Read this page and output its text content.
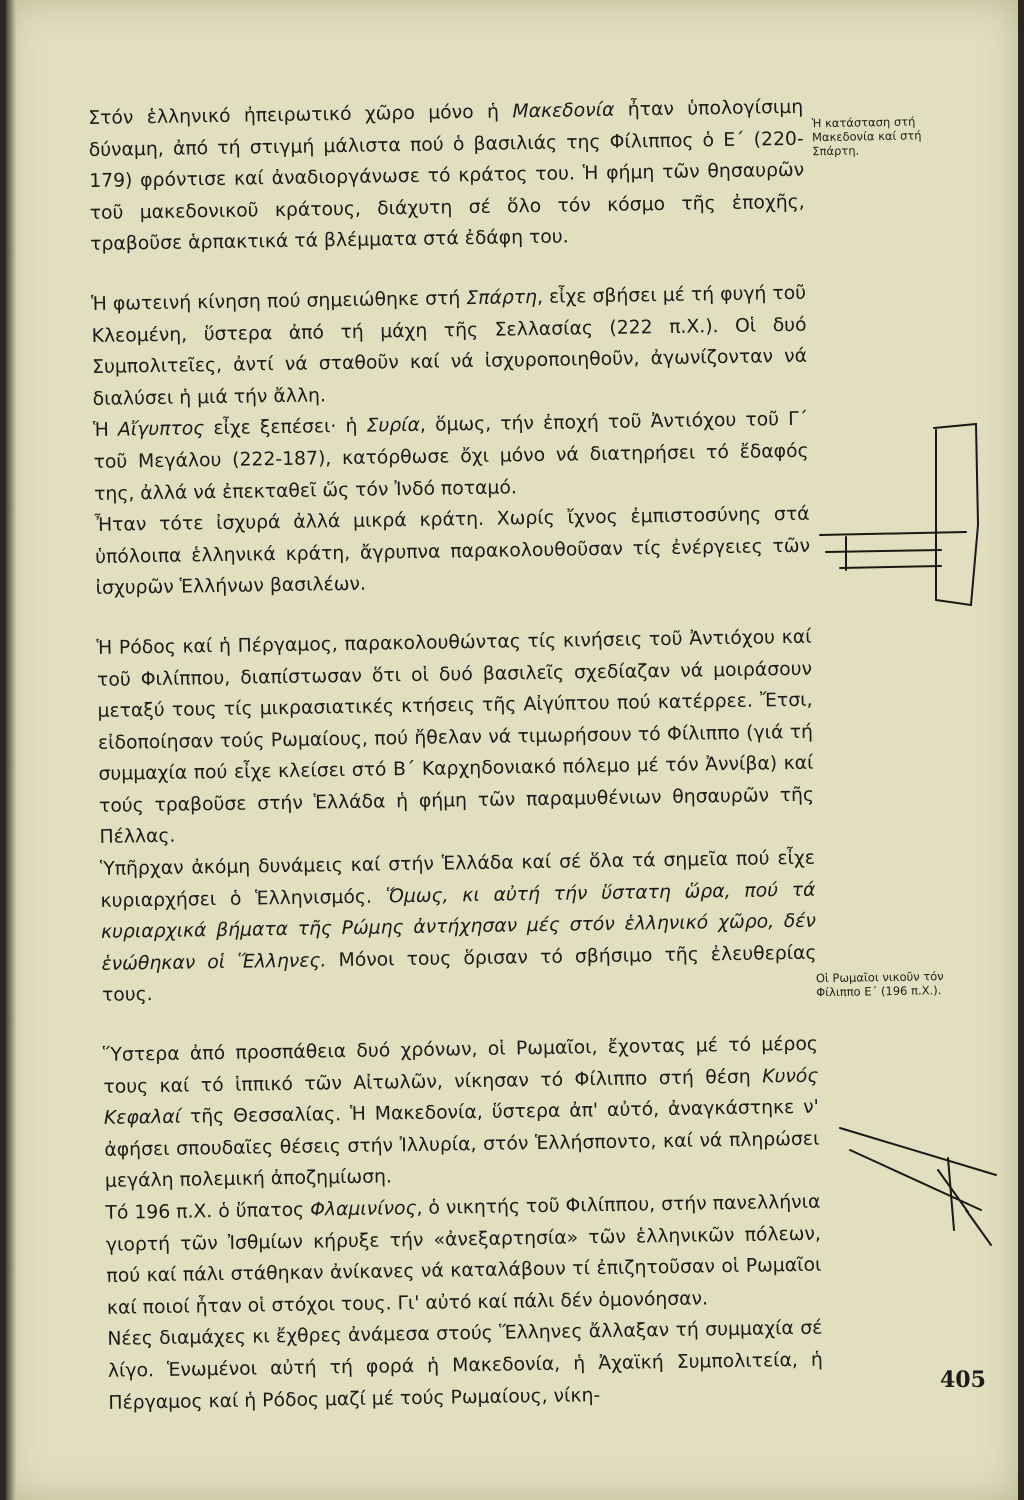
Στόν ἑλληνικό ἠπειρωτικό χῶρο μόνο ἡ Μακεδονία ἦταν ὑπολογίσιμη δύναμη, ἀπό τή στιγμή μάλιστα πού ὁ βασιλιάς της Φίλιππος ὁ Ε΄ (220-179) φρόντισε καί ἀναδιοργάνωσε τό κράτος του. Ἡ φήμη τῶν θησαυρῶν τοῦ μακεδονικοῦ κράτους, διάχυτη σέ ὅλο τόν κόσμο τῆς ἐποχῆς, τραβοῦσε ἁρπακτικά τά βλέμματα στά ἐδάφη του.

Ἡ φωτεινή κίνηση πού σημειώθηκε στή Σπάρτη, εἶχε σβήσει μέ τή φυγή τοῦ Κλεομένη, ὕστερα ἀπό τή μάχη τῆς Σελλασίας (222 π.Χ.). Οἱ δυό Συμπολιτεῖες, ἀντί νά σταθοῦν καί νά ἰσχυροποιηθοῦν, ἀγωνίζονταν νά διαλύσει ἡ μιά τήν ἄλλη.

Ἡ Αἴγυπτος εἶχε ξεπέσει· ἡ Συρία, ὅμως, τήν ἐποχή τοῦ Ἀντιόχου τοῦ Γ΄ τοῦ Μεγάλου (222-187), κατόρθωσε ὄχι μόνο νά διατηρήσει τό ἔδαφός της, ἀλλά νά ἐπεκταθεῖ ὥς τόν Ἰνδό ποταμό.

Ἦταν τότε ἰσχυρά ἀλλά μικρά κράτη. Χωρίς ἴχνος ἐμπιστοσύνης στά ὑπόλοιπα ἑλληνικά κράτη, ἄγρυπνα παρακολουθοῦσαν τίς ἐνέργειες τῶν ἰσχυρῶν Ἑλλήνων βασιλέων.

Ἡ Ρόδος καί ἡ Πέργαμος, παρακολουθώντας τίς κινήσεις τοῦ Ἀντιόχου καί τοῦ Φιλίππου, διαπίστωσαν ὅτι οἱ δυό βασιλεῖς σχεδίαζαν νά μοιράσουν μεταξύ τους τίς μικρασιατικές κτήσεις τῆς Αἰγύπτου πού κατέρρεε. Ἔτσι, εἰδοποίησαν τούς Ρωμαίους, πού ἤθελαν νά τιμωρήσουν τό Φίλιππο (γιά τή συμμαχία πού εἶχε κλείσει στό Β΄ Καρχηδονιακό πόλεμο μέ τόν Ἀννίβα) καί τούς τραβοῦσε στήν Ἑλλάδα ἡ φήμη τῶν παραμυθένιων θησαυρῶν τῆς Πέλλας.

Ὑπῆρχαν ἀκόμη δυνάμεις καί στήν Ἑλλάδα καί σέ ὅλα τά σημεῖα πού εἶχε κυριαρχήσει ὁ Ἑλληνισμός. Ὅμως, κι αὐτή τήν ὕστατη ὥρα, πού τά κυριαρχικά βήματα τῆς Ρώμης ἀντήχησαν μές στόν ἑλληνικό χῶρο, δέν ἑνώθηκαν οἱ Ἕλληνες. Μόνοι τους ὅρισαν τό σβήσιμο τῆς ἐλευθερίας τους.

Ὕστερα ἀπό προσπάθεια δυό χρόνων, οἱ Ρωμαῖοι, ἔχοντας μέ τό μέρος τους καί τό ἱππικό τῶν Αἰτωλῶν, νίκησαν τό Φίλιππο στή θέση Κυνός Κεφαλαί τῆς Θεσσαλίας. Ἡ Μακεδονία, ὕστερα ἀπ' αὐτό, ἀναγκάστηκε ν' ἀφήσει σπουδαῖες θέσεις στήν Ἰλλυρία, στόν Ἑλλήσποντο, καί νά πληρώσει μεγάλη πολεμική ἀποζημίωση.

Τό 196 π.Χ. ὁ ὕπατος Φλαμινίνος, ὁ νικητής τοῦ Φιλίππου, στήν πανελλήνια γιορτή τῶν Ἰσθμίων κήρυξε τήν «ἀνεξαρτησία» τῶν ἑλληνικῶν πόλεων, πού καί πάλι στάθηκαν ἀνίκανες νά καταλάβουν τί ἐπιζητοῦσαν οἱ Ρωμαῖοι καί ποιοί ἦταν οἱ στόχοι τους. Γι' αὐτό καί πάλι δέν ὁμονόησαν.

Νέες διαμάχες κι ἔχθρες ἀνάμεσα στούς Ἕλληνες ἄλλαξαν τή συμμαχία σέ λίγο. Ἑνωμένοι αὐτή τή φορά ἡ Μακεδονία, ἡ Ἀχαϊκή Συμπολιτεία, ἡ Πέργαμος καί ἡ Ρόδος μαζί μέ τούς Ρωμαίους, νίκη-

Ἡ κατάσταση στή Μακεδονία καί στή Σπάρτη.
Οἱ Ρωμαῖοι νικοῦν τόν Φίλιππο Ε΄ (196 π.Χ.).
405
